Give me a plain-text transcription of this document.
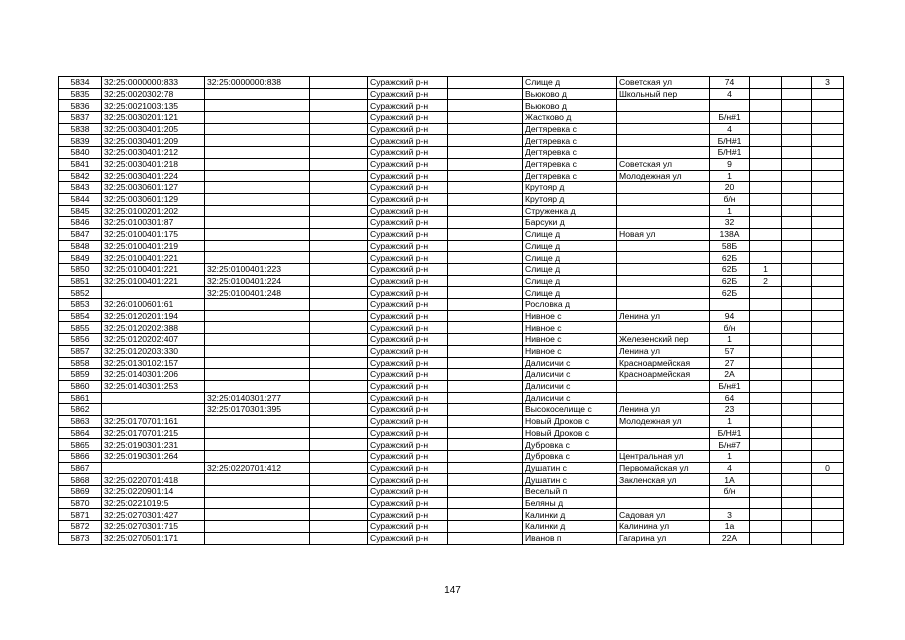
5834	32:25:0000000:833	32:25:0000000:838		Суражский р-н		Слище д	Советская ул	74			3
5835	32:25:0020302:78			Суражский р-н		Вьюково д	Школьный пер	4			
5836	32:25:0021003:135			Суражский р-н		Вьюково д					
5837	32:25:0030201:121			Суражский р-н		Жастково д		Б/н#1			
5838	32:25:0030401:205			Суражский р-н		Дегтяревка с		4			
5839	32:25:0030401:209			Суражский р-н		Дегтяревка с		Б/Н#1			
5840	32:25:0030401:212			Суражский р-н		Дегтяревка с		Б/Н#1			
5841	32:25:0030401:218			Суражский р-н		Дегтяревка с	Советская ул	9			
5842	32:25:0030401:224			Суражский р-н		Дегтяревка с	Молодежная ул	1			
5843	32:25:0030601:127			Суражский р-н		Крутояр д		20			
5844	32:25:0030601:129			Суражский р-н		Крутояр д		б/н			
5845	32:25:0100201:202			Суражский р-н		Струженка д		1			
5846	32:25:0100301:87			Суражский р-н		Барсуки д		32			
5847	32:25:0100401:175			Суражский р-н		Слище д	Новая ул	138А			
5848	32:25:0100401:219			Суражский р-н		Слище д		58Б			
5849	32:25:0100401:221			Суражский р-н		Слище д		62Б			
5850	32:25:0100401:221	32:25:0100401:223		Суражский р-н		Слище д		62Б	1		
5851	32:25:0100401:221	32:25:0100401:224		Суражский р-н		Слище д		62Б	2		
5852		32:25:0100401:248		Суражский р-н		Слище д		62Б			
5853	32:26:0100601:61			Суражский р-н		Рословка д					
5854	32:25:0120201:194			Суражский р-н		Нивное с	Ленина ул	94			
5855	32:25:0120202:388			Суражский р-н		Нивное с		б/н			
5856	32:25:0120202:407			Суражский р-н		Нивное с	Железенский пер	1			
5857	32:25:0120203:330			Суражский р-н		Нивное с	Ленина ул	57			
5858	32:25:0130102:157			Суражский р-н		Далисичи с	Красноармейская	27			
5859	32:25:0140301:206			Суражский р-н		Далисичи с	Красноармейская	2А			
5860	32:25:0140301:253			Суражский р-н		Далисичи с		Б/н#1			
5861		32:25:0140301:277		Суражский р-н		Далисичи с		64			
5862		32:25:0170301:395		Суражский р-н		Высокоселище с	Ленина ул	23			
5863	32:25:0170701:161			Суражский р-н		Новый Дроков с	Молодежная ул	1			
5864	32:25:0170701:215			Суражский р-н		Новый Дроков с		Б/Н#1			
5865	32:25:0190301:231			Суражский р-н		Дубровка с		Б/н#7			
5866	32:25:0190301:264			Суражский р-н		Дубровка с	Центральная ул	1			
5867		32:25:0220701:412		Суражский р-н		Душатин с	Первомайская ул	4			0
5868	32:25:0220701:418			Суражский р-н		Душатин с	Закленская ул	1А			
5869	32:25:0220901:14			Суражский р-н		Веселый п		б/н			
5870	32:25:0221019:5			Суражский р-н		Беляны д					
5871	32:25:0270301:427			Суражский р-н		Калинки д	Садовая ул	3			
5872	32:25:0270301:715			Суражский р-н		Калинки д	Калинина ул	1а			
5873	32:25:0270501:171			Суражский р-н		Иванов п	Гагарина ул	22А			
147
